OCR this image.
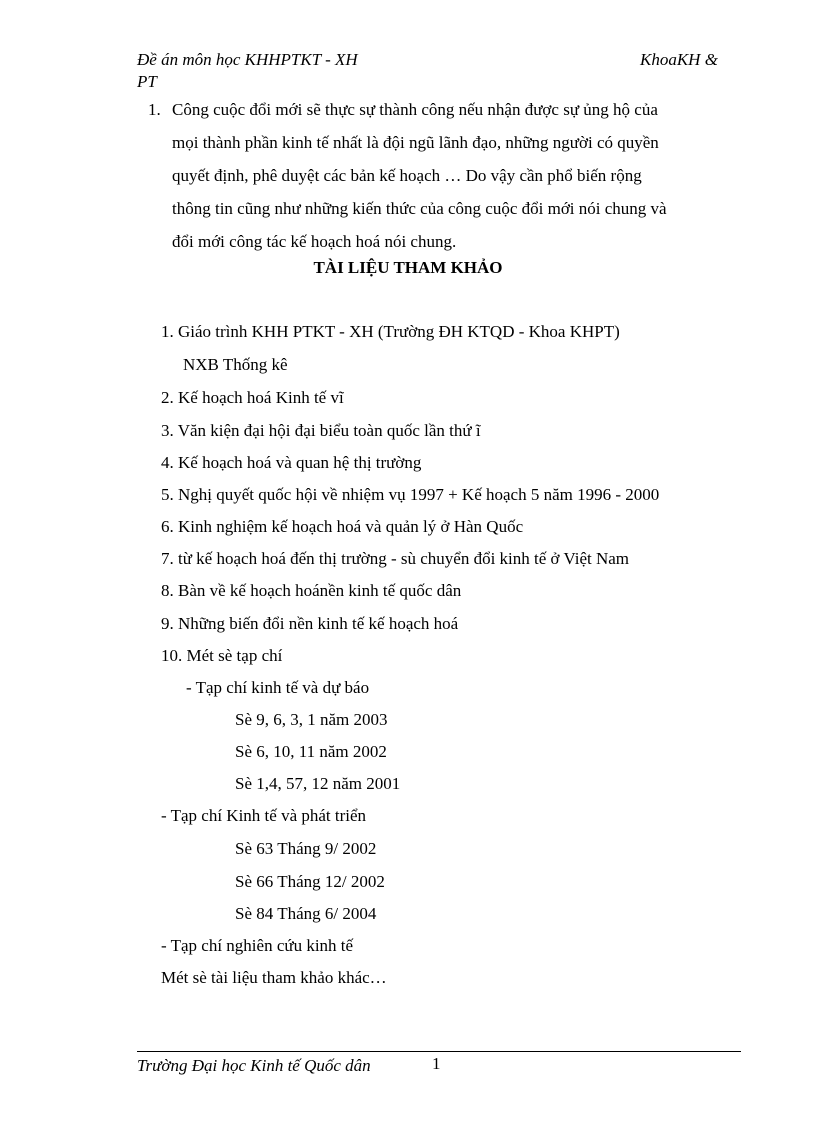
Đề án môn học KHHPTKT - XH	KhoaKH &
PT
1. Công cuộc đổi mới sẽ thực sự thành công nếu nhận được sự ủng hộ của
mọi thành phần kinh tế nhất là đội ngũ lãnh đạo, những người có quyền
quyết định, phê duyệt các bản kế hoạch … Do vậy cần phổ biến rộng
thông tin cũng như những kiến thức của công cuộc đổi mới nói chung và
đổi mới công tác kế hoạch hoá nói chung.
TÀI LIỆU THAM KHẢO
1. Giáo trình KHH PTKT - XH (Trường ĐH KTQD - Khoa KHPT)
NXB Thống kê
2. Kế hoạch hoá Kinh tế vĩ
3. Văn kiện đại hội đại biểu toàn quốc lần thứ ĩ
4. Kế hoạch hoá và quan hệ thị trường
5. Nghị quyết quốc hội về nhiệm vụ 1997 + Kế hoạch 5 năm 1996 - 2000
6. Kinh nghiệm kế hoạch hoá và quản lý ở Hàn Quốc
7. từ kế hoạch hoá đến thị trường - sù chuyển đổi kinh tế ở Việt Nam
8. Bàn về kế hoạch hoánền kinh tế quốc dân
9. Những biến đổi nền kinh tế kế hoạch hoá
10. Mét sè tạp chí
- Tạp chí kinh tế và dự báo
Sè 9, 6, 3, 1 năm 2003
Sè 6, 10, 11 năm 2002
Sè 1,4, 57, 12 năm 2001
- Tạp chí Kinh tế và phát triển
Sè 63 Tháng 9/ 2002
Sè 66 Tháng 12/ 2002
Sè 84 Tháng 6/ 2004
- Tạp chí nghiên cứu kinh tế
Mét sè tài liệu tham khảo khác…
Trường Đại học Kinh tế Quốc dân	1
